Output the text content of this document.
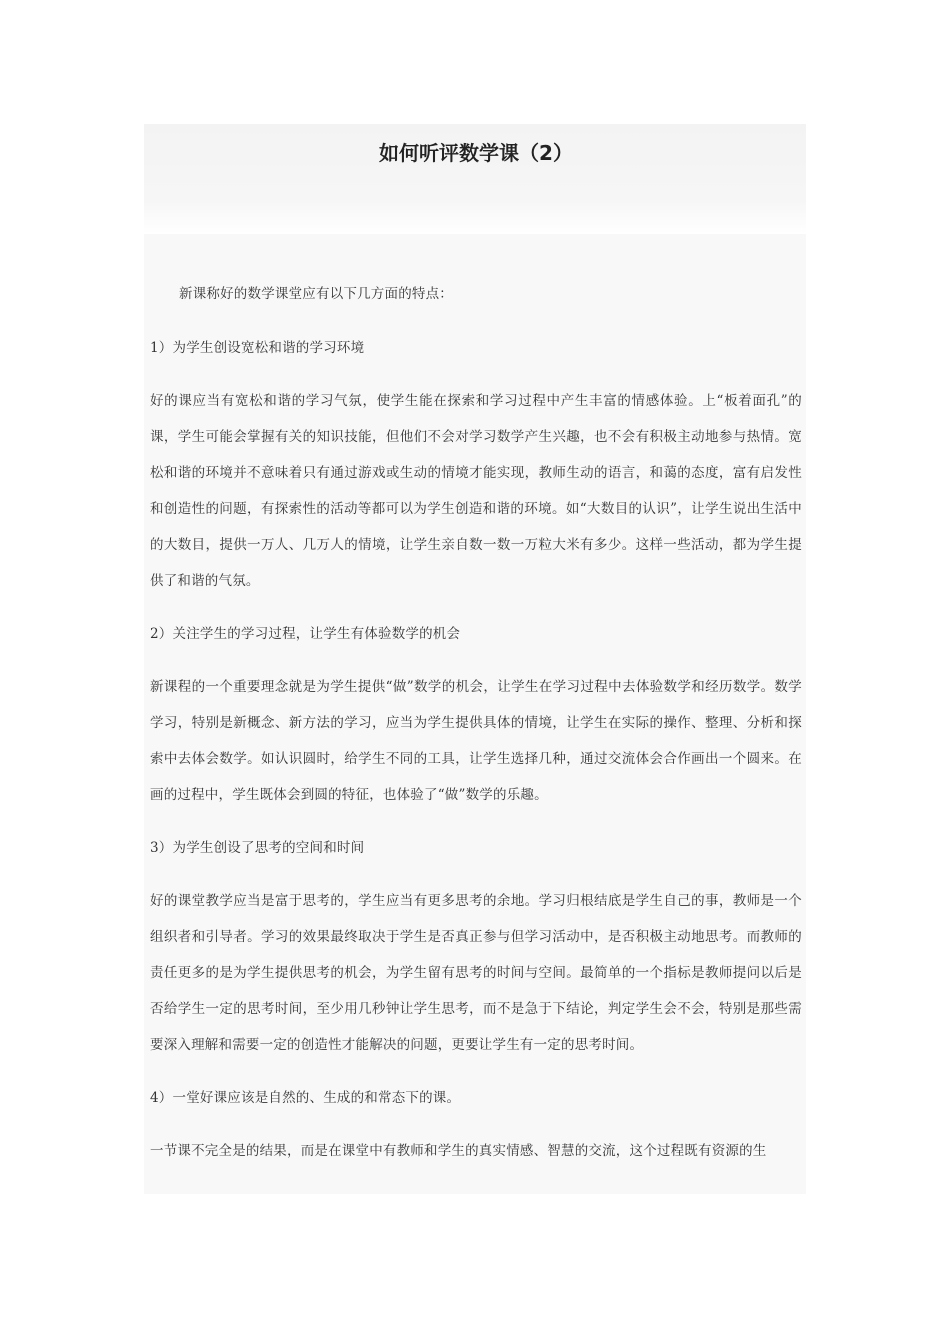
如何听评数学课（2）

新课称好的数学课堂应有以下几方面的特点：

1）为学生创设宽松和谐的学习环境

好的课应当有宽松和谐的学习气氛，使学生能在探索和学习过程中产生丰富的情感体验。上“板着面孔”的课，学生可能会掌握有关的知识技能，但他们不会对学习数学产生兴趣，也不会有积极主动地参与热情。宽松和谐的环境并不意味着只有通过游戏或生动的情境才能实现，教师生动的语言，和蔼的态度，富有启发性和创造性的问题，有探索性的活动等都可以为学生创造和谐的环境。如“大数目的认识”，让学生说出生活中的大数目，提供一万人、几万人的情境，让学生亲自数一数一万粒大米有多少。这样一些活动，都为学生提供了和谐的气氛。

2）关注学生的学习过程，让学生有体验数学的机会

新课程的一个重要理念就是为学生提供“做”数学的机会，让学生在学习过程中去体验数学和经历数学。数学学习，特别是新概念、新方法的学习，应当为学生提供具体的情境，让学生在实际的操作、整理、分析和探索中去体会数学。如认识圆时，给学生不同的工具，让学生选择几种，通过交流体会合作画出一个圆来。在画的过程中，学生既体会到圆的特征，也体验了“做”数学的乐趣。

3）为学生创设了思考的空间和时间

好的课堂教学应当是富于思考的，学生应当有更多思考的余地。学习归根结底是学生自己的事，教师是一个组织者和引导者。学习的效果最终取决于学生是否真正参与但学习活动中，是否积极主动地思考。而教师的责任更多的是为学生提供思考的机会，为学生留有思考的时间与空间。最简单的一个指标是教师提问以后是否给学生一定的思考时间，至少用几秒钟让学生思考，而不是急于下结论，判定学生会不会，特别是那些需要深入理解和需要一定的创造性才能解决的问题，更要让学生有一定的思考时间。

4）一堂好课应该是自然的、生成的和常态下的课。

一节课不完全是的结果，而是在课堂中有教师和学生的真实情感、智慧的交流，这个过程既有资源的生
